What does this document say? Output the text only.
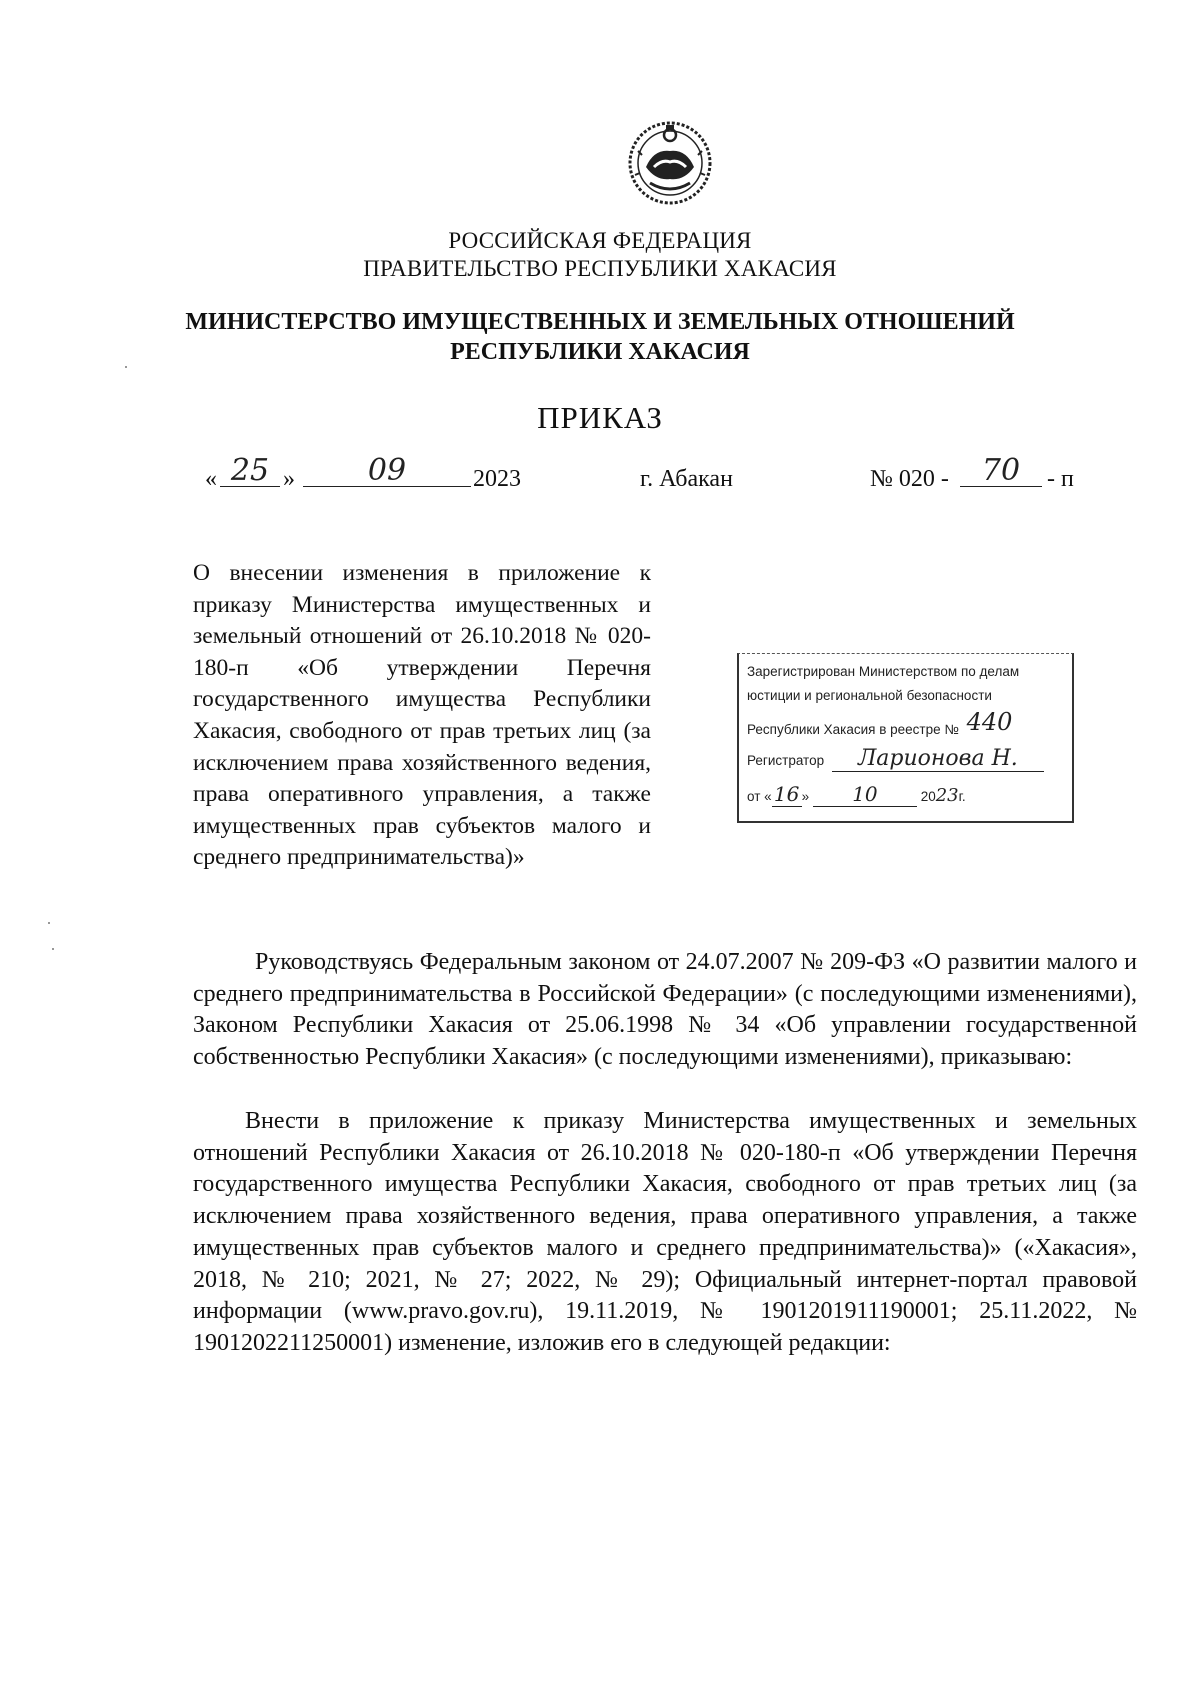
РОССИЙСКАЯ ФЕДЕРАЦИЯ
ПРАВИТЕЛЬСТВО РЕСПУБЛИКИ ХАКАСИЯ
МИНИСТЕРСТВО ИМУЩЕСТВЕННЫХ И ЗЕМЕЛЬНЫХ ОТНОШЕНИЙ
РЕСПУБЛИКИ ХАКАСИЯ
ПРИКАЗ
« 25 »	09	2023	г. Абакан	№ 020 -	70	- п
О внесении изменения в приложение к приказу Министерства имущественных и земельный отношений от 26.10.2018 № 020-180-п «Об утверждении Перечня государственного имущества Республики Хакасия, свободного от прав третьих лиц (за исключением права хозяйственного ведения, права оперативного управления, а также имущественных прав субъектов малого и среднего предпринимательства)»
Зарегистрирован Министерством по делам
юстиции и региональной безопасности
Республики Хакасия в реестре № 440
Регистратор Ларионова Н.
от « 16 » 10	2023г.
Руководствуясь Федеральным законом от 24.07.2007 № 209-ФЗ «О развитии малого и среднего предпринимательства в Российской Федерации» (с последующими изменениями), Законом Республики Хакасия от 25.06.1998 № 34 «Об управлении государственной собственностью Республики Хакасия» (с последующими изменениями), приказываю:
Внести в приложение к приказу Министерства имущественных и земельных отношений Республики Хакасия от 26.10.2018 № 020-180-п «Об утверждении Перечня государственного имущества Республики Хакасия, свободного от прав третьих лиц (за исключением права хозяйственного ведения, права оперативного управления, а также имущественных прав субъектов малого и среднего предпринимательства)» («Хакасия», 2018, № 210; 2021, № 27; 2022, № 29); Официальный интернет-портал правовой информации (www.pravo.gov.ru), 19.11.2019, № 1901201911190001; 25.11.2022, № 1901202211250001) изменение, изложив его в следующей редакции:
